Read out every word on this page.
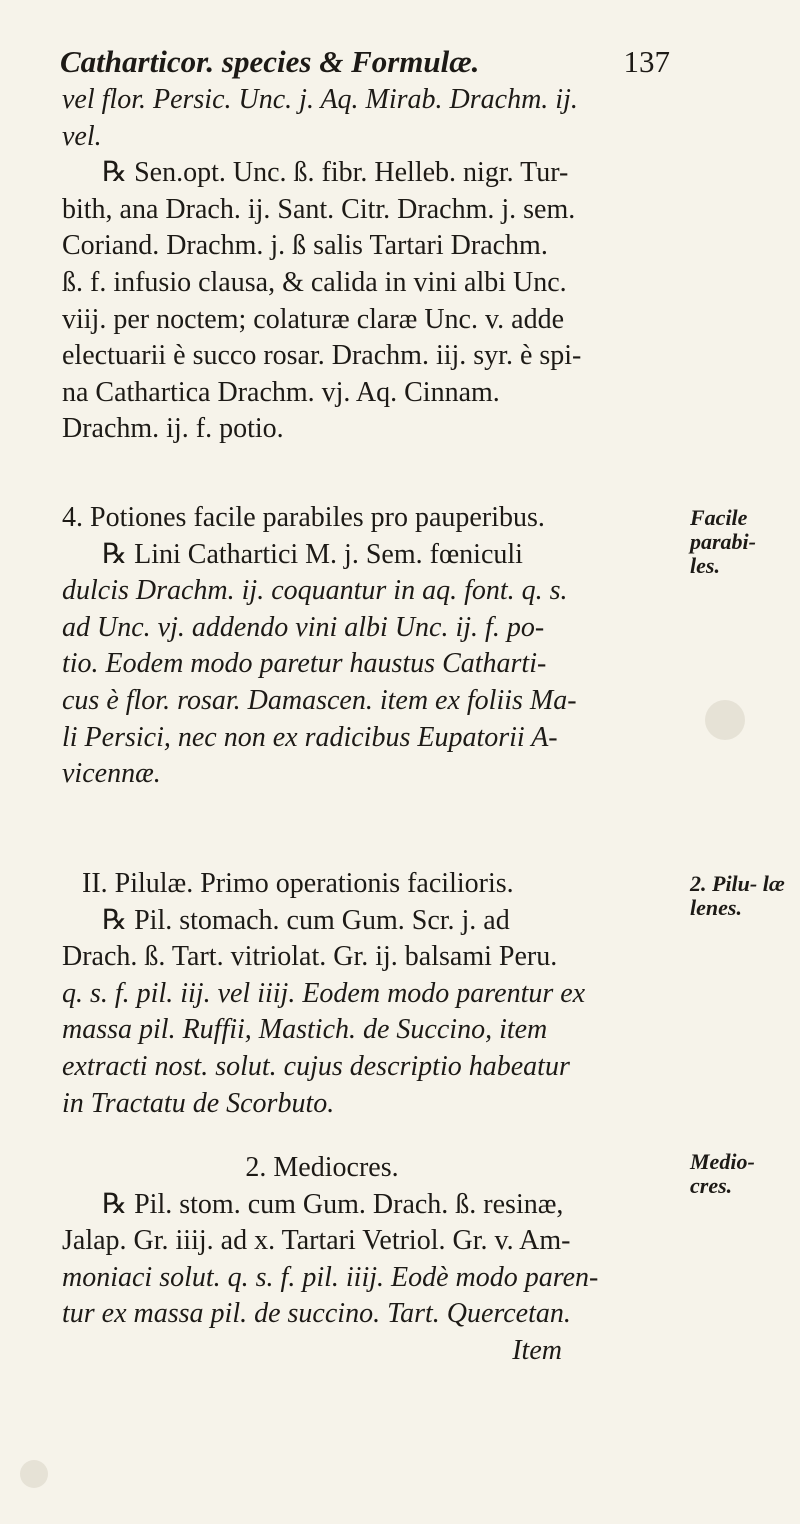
Catharticor. species & Formulæ.	137

vel flor. Persic. Unc. j. Aq. Mirab. Drachm. ij.

vel.

℞ Sen.opt. Unc. ß. fibr. Helleb. nigr. Tur-

bith, ana Drach. ij. Sant. Citr. Drachm. j. sem.

Coriand. Drachm. j. ß salis Tartari Drachm.

ß. f. infusio clausa, & calida in vini albi Unc.

viij. per noctem; colaturæ claræ Unc. v. adde

electuarii è succo rosar. Drachm. iij. syr. è spi-

na Cathartica Drachm. vj. Aq. Cinnam.

Drachm. ij. f. potio.

4. Potiones facile parabiles pro pauperibus.

℞ Lini Cathartici M. j. Sem. fœniculi

dulcis Drachm. ij. coquantur in aq. font. q. s.

ad Unc. vj. addendo vini albi Unc. ij. f. po-

tio. Eodem modo paretur haustus Catharti-

cus è flor. rosar. Damascen. item ex foliis Ma-

li Persici, nec non ex radicibus Eupatorii A-

vicennæ.

II. Pilulæ. Primo operationis facilioris.

℞ Pil. stomach. cum Gum. Scr. j. ad

Drach. ß. Tart. vitriolat. Gr. ij. balsami Peru.

q. s. f. pil. iij. vel iiij. Eodem modo parentur ex

massa pil. Ruffii, Mastich. de Succino, item

extracti nost. solut. cujus descriptio habeatur

in Tractatu de Scorbuto.

2. Mediocres.

℞ Pil. stom. cum Gum. Drach. ß. resinæ,

Jalap. Gr. iiij. ad x. Tartari Vetriol. Gr. v. Am-

moniaci solut. q. s. f. pil. iiij. Eodè modo paren-

tur ex massa pil. de succino. Tart. Quercetan.

Item

Facile parabi- les.
2. Pilu- læ lenes.
Medio- cres.
